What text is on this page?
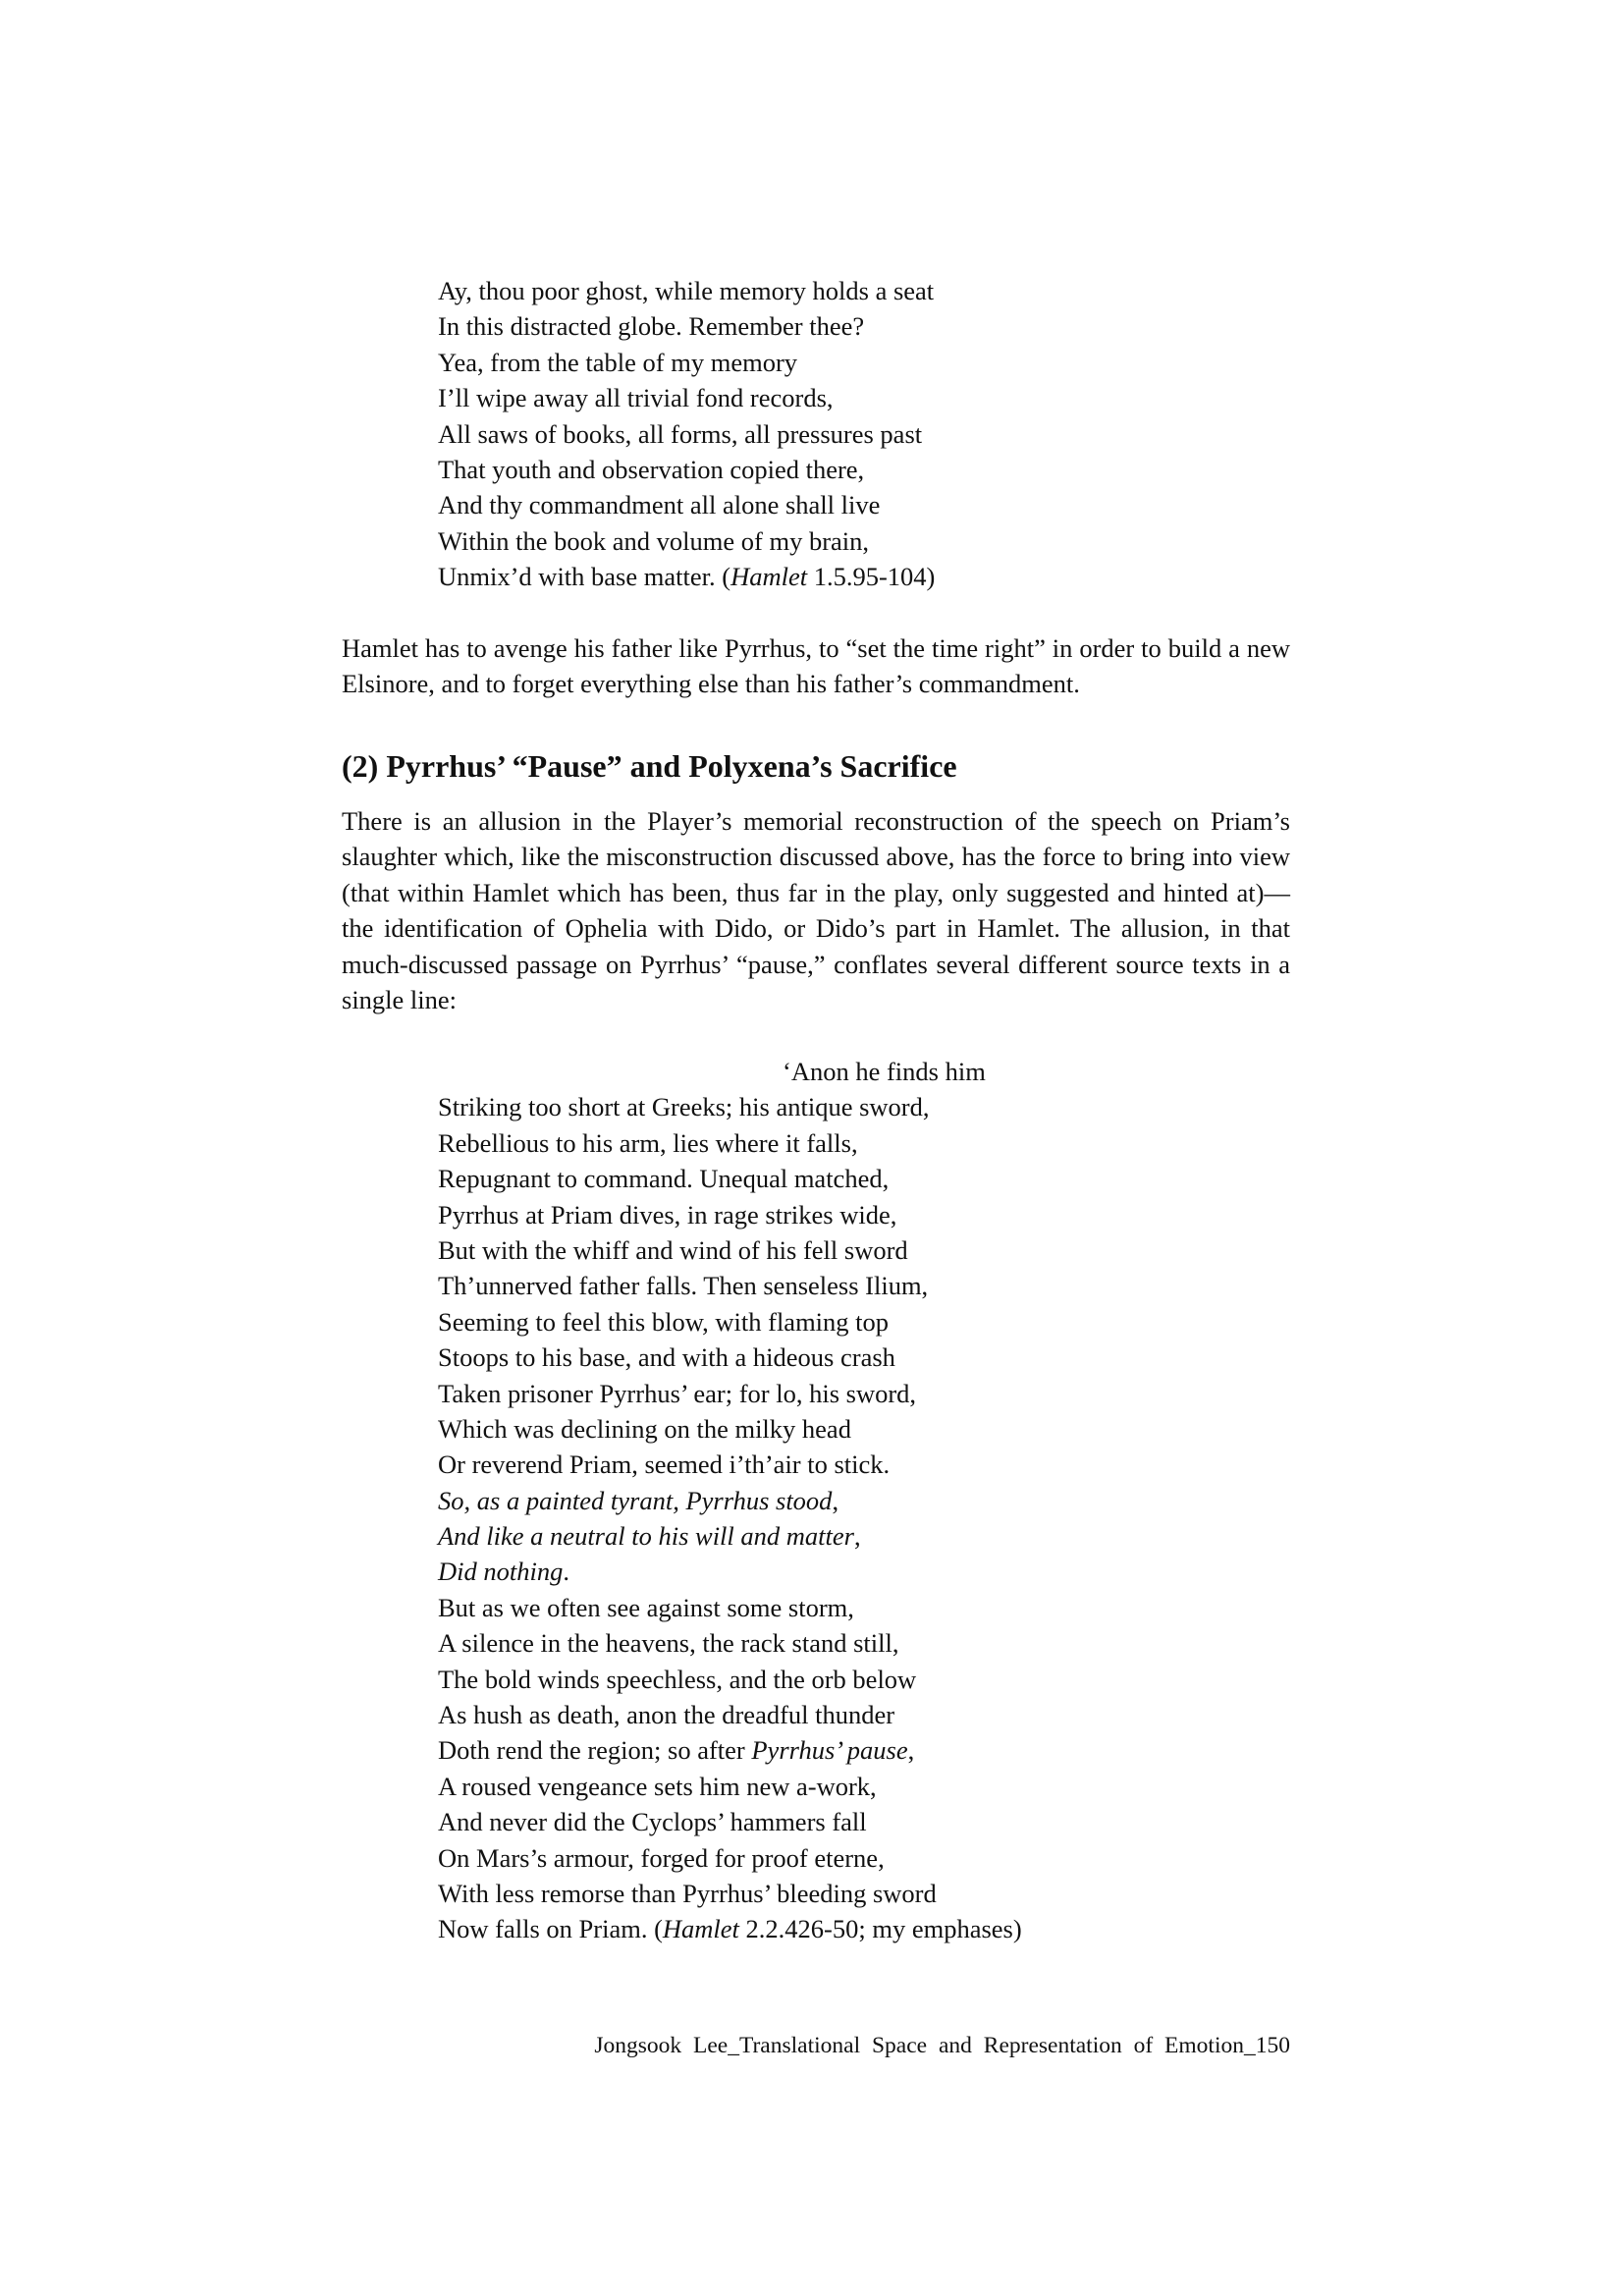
Ay, thou poor ghost, while memory holds a seat
In this distracted globe. Remember thee?
Yea, from the table of my memory
I’ll wipe away all trivial fond records,
All saws of books, all forms, all pressures past
That youth and observation copied there,
And thy commandment all alone shall live
Within the book and volume of my brain,
Unmix’d with base matter. (Hamlet 1.5.95-104)

Hamlet has to avenge his father like Pyrrhus, to “set the time right” in order to build a new Elsinore, and to forget everything else than his father’s commandment.

(2) Pyrrhus’ “Pause” and Polyxena’s Sacrifice

There is an allusion in the Player’s memorial reconstruction of the speech on Priam’s slaughter which, like the misconstruction discussed above, has the force to bring into view (that within Hamlet which has been, thus far in the play, only suggested and hinted at)—the identification of Ophelia with Dido, or Dido’s part in Hamlet. The allusion, in that much-discussed passage on Pyrrhus’ “pause,” conflates several different source texts in a single line:

‘Anon he finds him
Striking too short at Greeks; his antique sword,
Rebellious to his arm, lies where it falls,
Repugnant to command. Unequal matched,
Pyrrhus at Priam dives, in rage strikes wide,
But with the whiff and wind of his fell sword
Th’unnerved father falls. Then senseless Ilium,
Seeming to feel this blow, with flaming top
Stoops to his base, and with a hideous crash
Taken prisoner Pyrrhus’ ear; for lo, his sword,
Which was declining on the milky head
Or reverend Priam, seemed i’th’air to stick.
So, as a painted tyrant, Pyrrhus stood,
And like a neutral to his will and matter,
Did nothing.
But as we often see against some storm,
A silence in the heavens, the rack stand still,
The bold winds speechless, and the orb below
As hush as death, anon the dreadful thunder
Doth rend the region; so after Pyrrhus’ pause,
A roused vengeance sets him new a-work,
And never did the Cyclops’ hammers fall
On Mars’s armour, forged for proof eterne,
With less remorse than Pyrrhus’ bleeding sword
Now falls on Priam. (Hamlet 2.2.426-50; my emphases)
Jongsook Lee_Translational Space and Representation of Emotion_150
